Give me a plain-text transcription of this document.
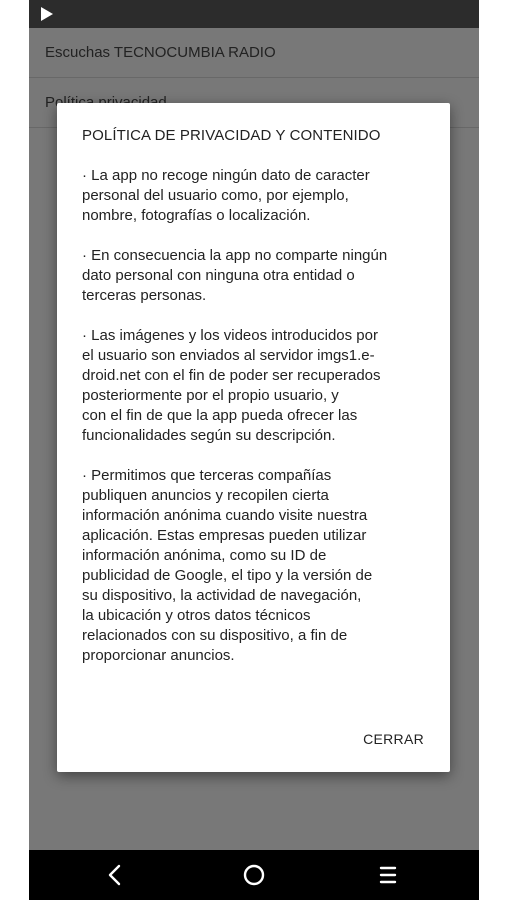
POLÍTICA DE PRIVACIDAD Y CONTENIDO

· La app no recoge ningún dato de caracter
personal del usuario como, por ejemplo,
nombre, fotografías o localización.

· En consecuencia la app no comparte ningún
dato personal con ninguna otra entidad o
terceras personas.

· Las imágenes y los videos introducidos por
el usuario son enviados al servidor imgs1.e-
droid.net con el fin de poder ser recuperados
posteriormente por el propio usuario, y
con el fin de que la app pueda ofrecer las
funcionalidades según su descripción.

· Permitimos que terceras compañías
publiquen anuncios y recopilen cierta
información anónima cuando visite nuestra
aplicación. Estas empresas pueden utilizar
información anónima, como su ID de
publicidad de Google, el tipo y la versión de
su dispositivo, la actividad de navegación,
la ubicación y otros datos técnicos
relacionados con su dispositivo, a fin de
proporcionar anuncios.

CERRAR
